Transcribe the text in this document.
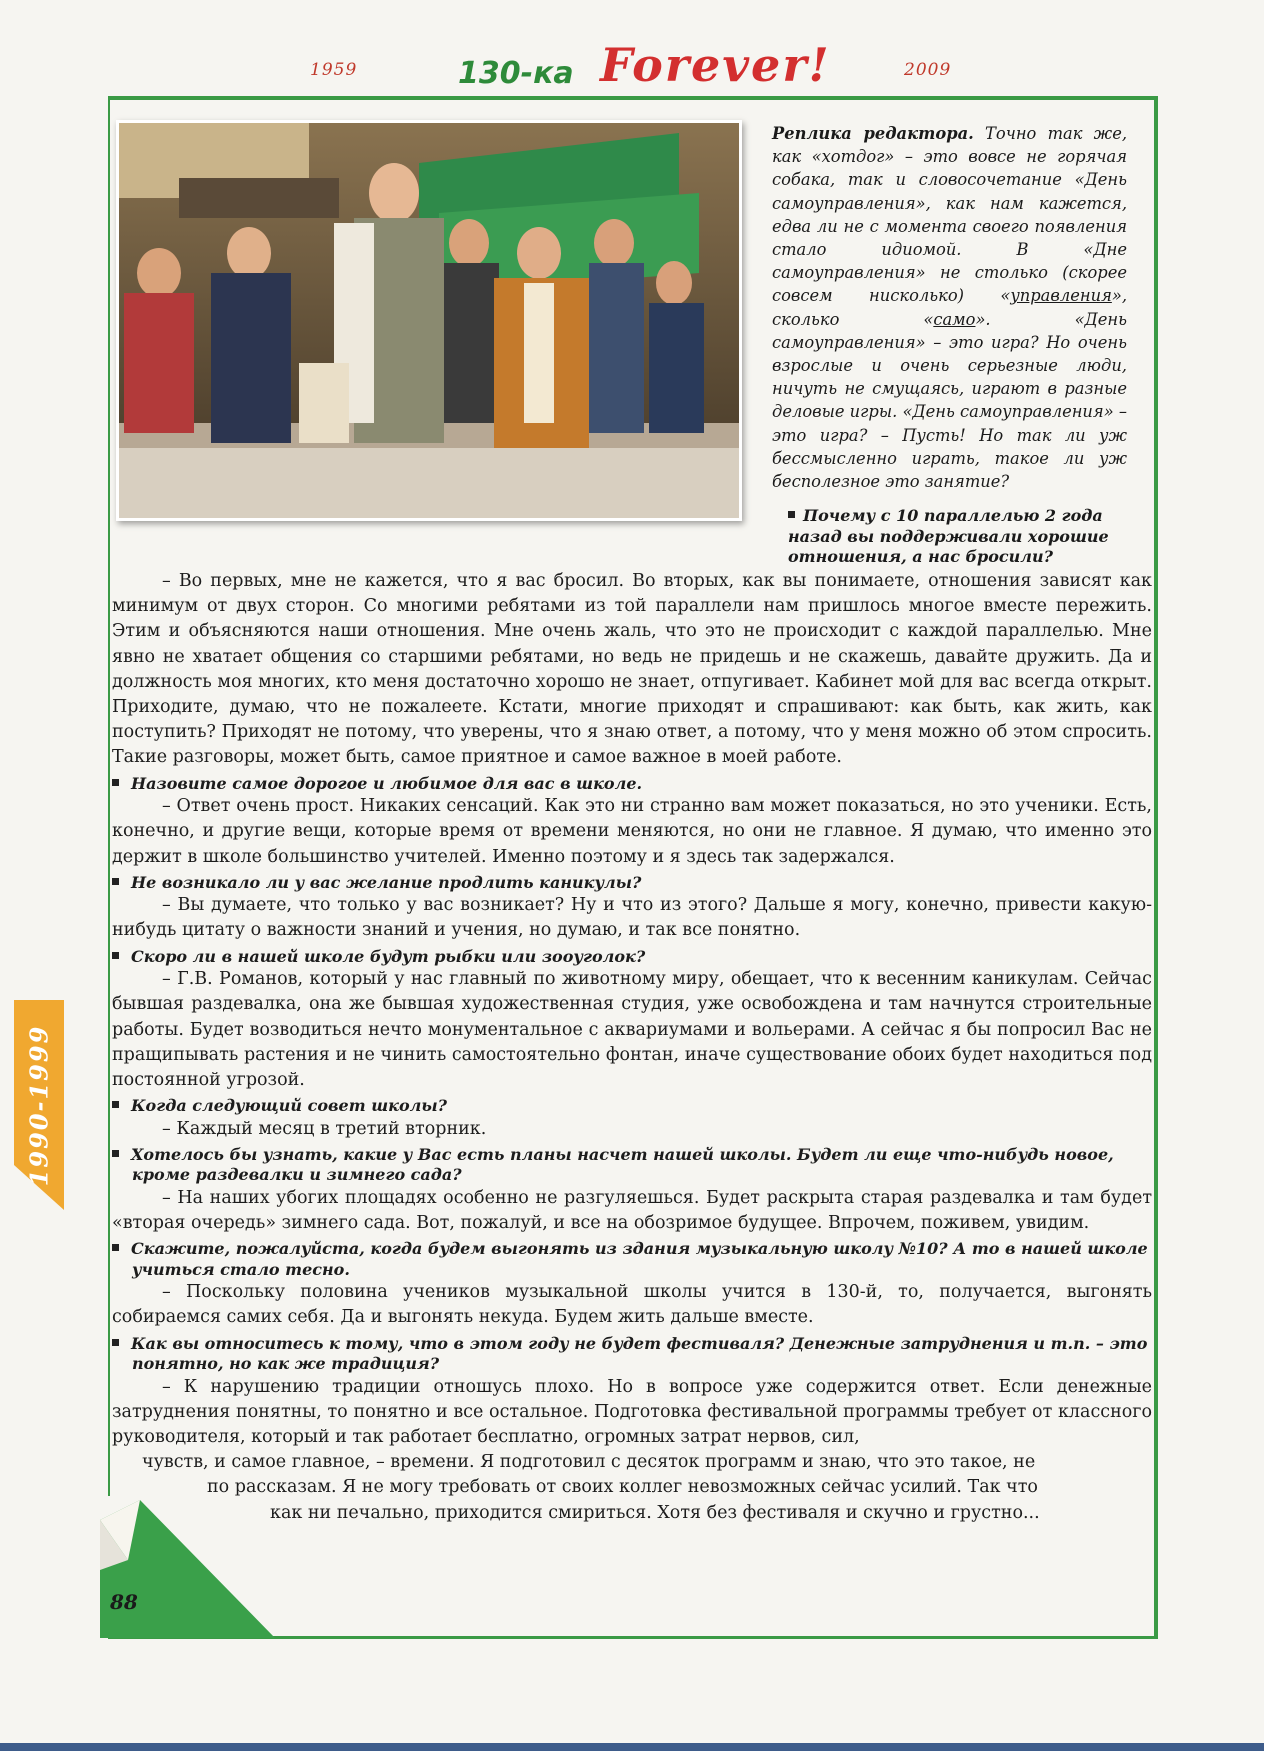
1959	130-ка Forever!	2009
Реплика редактора. Точно так же, как «хотдог» – это вовсе не горячая собака, так и словосочетание «День самоуправления», как нам кажется, едва ли не с момента своего появления стало идиомой. В «Дне самоуправления» не столько (скорее совсем нисколько) «управления», сколько «само». «День самоуправления» – это игра? Но очень взрослые и очень серьезные люди, ничуть не смущаясь, играют в разные деловые игры. «День самоуправления» – это игра? – Пусть! Но так ли уж бессмысленно играть, такое ли уж бесполезное это занятие?
Почему с 10 параллелью 2 года назад вы поддерживали хорошие отношения, а нас бросили?

– Во первых, мне не кажется, что я вас бросил. Во вторых, как вы понимаете, отношения зависят как минимум от двух сторон. Со многими ребятами из той параллели нам пришлось многое вместе пережить. Этим и объясняются наши отношения. Мне очень жаль, что это не происходит с каждой параллелью. Мне явно не хватает общения со старшими ребятами, но ведь не придешь и не скажешь, давайте дружить. Да и должность моя многих, кто меня достаточно хорошо не знает, отпугивает. Кабинет мой для вас всегда открыт. Приходите, думаю, что не пожалеете. Кстати, многие приходят и спрашивают: как быть, как жить, как поступить? Приходят не потому, что уверены, что я знаю ответ, а потому, что у меня можно об этом спросить. Такие разговоры, может быть, самое приятное и самое важное в моей работе.

Назовите самое дорогое и любимое для вас в школе.

– Ответ очень прост. Никаких сенсаций. Как это ни странно вам может показаться, но это ученики. Есть, конечно, и другие вещи, которые время от времени меняются, но они не главное. Я думаю, что именно это держит в школе большинство учителей. Именно поэтому и я здесь так задержался.

Не возникало ли у вас желание продлить каникулы?

– Вы думаете, что только у вас возникает? Ну и что из этого? Дальше я могу, конечно, привести какую-нибудь цитату о важности знаний и учения, но думаю, и так все понятно.

Скоро ли в нашей школе будут рыбки или зооуголок?

– Г.В. Романов, который у нас главный по животному миру, обещает, что к весенним каникулам. Сейчас бывшая раздевалка, она же бывшая художественная студия, уже освобождена и там начнутся строительные работы. Будет возводиться нечто монументальное с аквариумами и вольерами. А сейчас я бы попросил Вас не пращипывать растения и не чинить самостоятельно фонтан, иначе существование обоих будет находиться под постоянной угрозой.

Когда следующий совет школы?

– Каждый месяц в третий вторник.

Хотелось бы узнать, какие у Вас есть планы насчет нашей школы. Будет ли еще что-нибудь новое, кроме раздевалки и зимнего сада?

– На наших убогих площадях особенно не разгуляешься. Будет раскрыта старая раздевалка и там будет «вторая очередь» зимнего сада. Вот, пожалуй, и все на обозримое будущее. Впрочем, поживем, увидим.

Скажите, пожалуйста, когда будем выгонять из здания музыкальную школу №10? А то в нашей школе учиться стало тесно.

– Поскольку половина учеников музыкальной школы учится в 130-й, то, получается, выгонять собираемся самих себя. Да и выгонять некуда. Будем жить дальше вместе.

Как вы относитесь к тому, что в этом году не будет фестиваля? Денежные затруднения и т.п. – это понятно, но как же традиция?

– К нарушению традиции отношусь плохо. Но в вопросе уже содержится ответ. Если денежные затруднения понятны, то понятно и все остальное. Подготовка фестивальной программы требует от классного руководителя, который и так работает бесплатно, огромных затрат нервов, сил,

чувств, и самое главное, – времени. Я подготовил с десяток программ и знаю, что это такое, не

по рассказам. Я не могу требовать от своих коллег невозможных сейчас усилий. Так что

как ни печально, приходится смириться. Хотя без фестиваля и скучно и грустно...

1990-1999
88
